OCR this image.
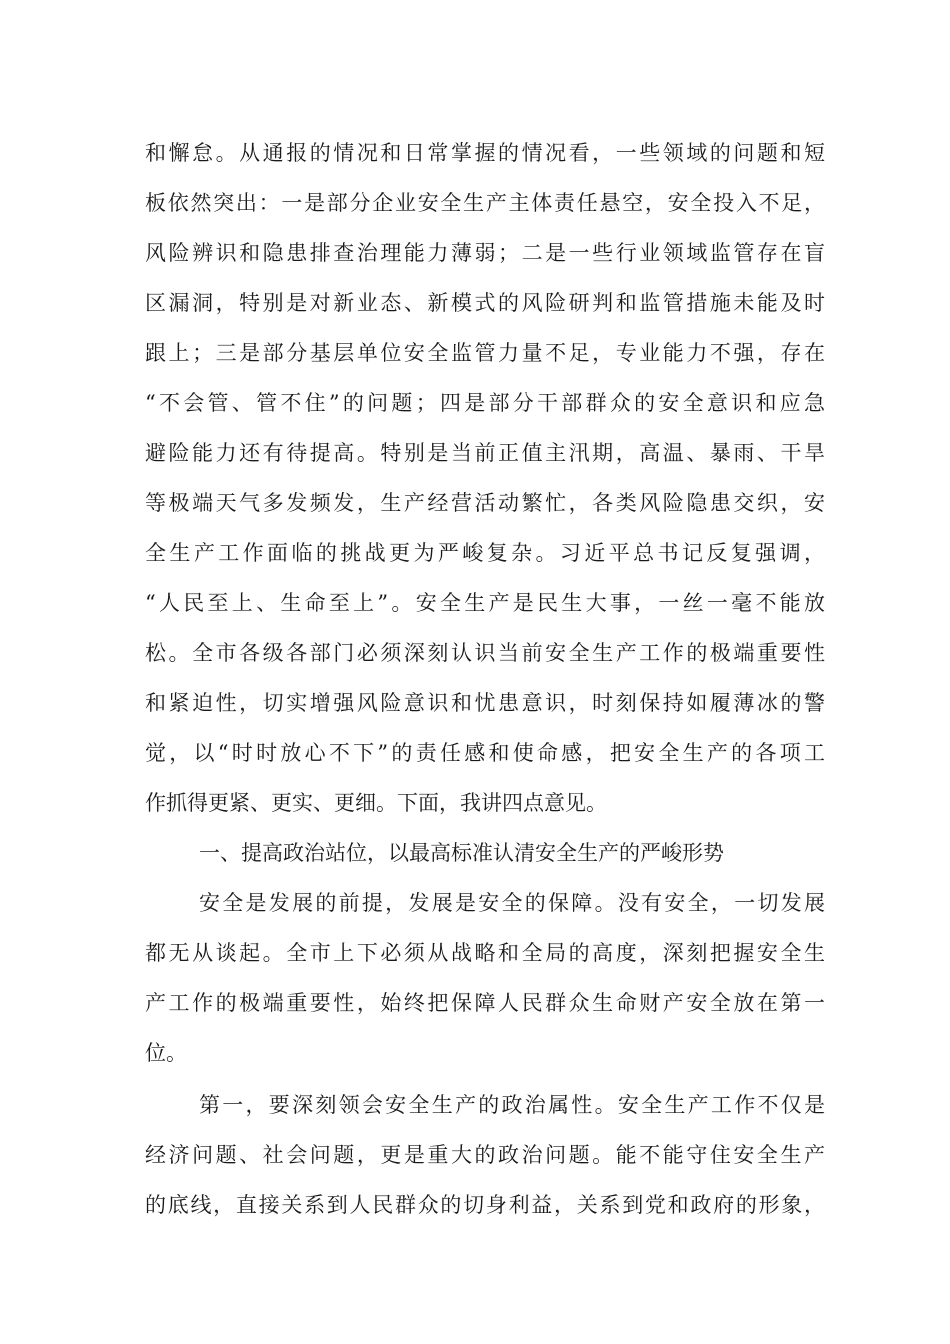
和懈怠。从通报的情况和日常掌握的情况看，一些领域的问题和短
板依然突出：一是部分企业安全生产主体责任悬空，安全投入不足，
风险辨识和隐患排查治理能力薄弱；二是一些行业领域监管存在盲
区漏洞，特别是对新业态、新模式的风险研判和监管措施未能及时
跟上；三是部分基层单位安全监管力量不足，专业能力不强，存在
“不会管、管不住”的问题；四是部分干部群众的安全意识和应急
避险能力还有待提高。特别是当前正值主汛期，高温、暴雨、干旱
等极端天气多发频发，生产经营活动繁忙，各类风险隐患交织，安
全生产工作面临的挑战更为严峻复杂。习近平总书记反复强调，
“人民至上、生命至上”。安全生产是民生大事，一丝一毫不能放
松。全市各级各部门必须深刻认识当前安全生产工作的极端重要性
和紧迫性，切实增强风险意识和忧患意识，时刻保持如履薄冰的警
觉，以“时时放心不下”的责任感和使命感，把安全生产的各项工
作抓得更紧、更实、更细。下面，我讲四点意见。
一、提高政治站位，以最高标准认清安全生产的严峻形势
安全是发展的前提，发展是安全的保障。没有安全，一切发展
都无从谈起。全市上下必须从战略和全局的高度，深刻把握安全生
产工作的极端重要性，始终把保障人民群众生命财产安全放在第一
位。
第一，要深刻领会安全生产的政治属性。安全生产工作不仅是
经济问题、社会问题，更是重大的政治问题。能不能守住安全生产
的底线，直接关系到人民群众的切身利益，关系到党和政府的形象，
